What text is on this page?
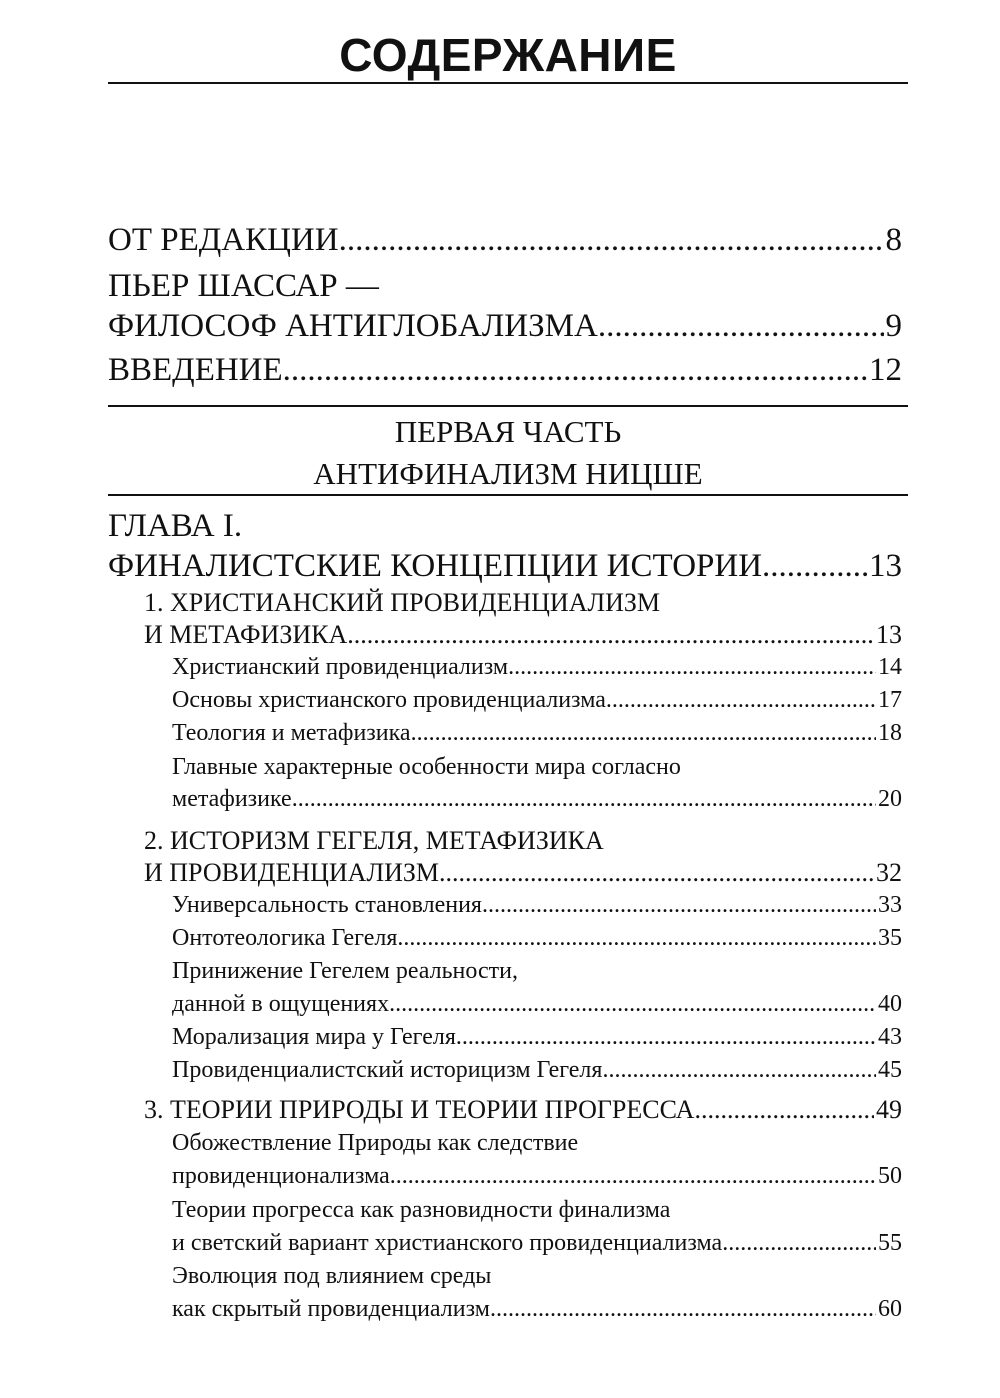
СОДЕРЖАНИЕ
ОТ РЕДАКЦИИ .....	8
ПЬЕР ШАССАР —
ФИЛОСОФ АНТИГЛОБАЛИЗМА .....	9
ВВЕДЕНИЕ .....	12
ПЕРВАЯ ЧАСТЬ
АНТИФИНАЛИЗМ НИЦШЕ
ГЛАВА I.
ФИНАЛИСТСКИЕ КОНЦЕПЦИИ ИСТОРИИ .....	13
1. ХРИСТИАНСКИЙ ПРОВИДЕНЦИАЛИЗМ
И МЕТАФИЗИКА .....	13
Христианский провиденциализм .....	14
Основы христианского провиденциализма .....	17
Теология и метафизика .....	18
Главные характерные особенности мира согласно
метафизике .....	20
2. ИСТОРИЗМ ГЕГЕЛЯ, МЕТАФИЗИКА
И ПРОВИДЕНЦИАЛИЗМ .....	32
Универсальность становления .....	33
Онтотеологика Гегеля .....	35
Принижение Гегелем реальности,
данной в ощущениях .....	40
Морализация мира у Гегеля .....	43
Провиденциалистский историцизм Гегеля .....	45
3. ТЕОРИИ ПРИРОДЫ И ТЕОРИИ ПРОГРЕССА .....	49
Обожествление Природы как следствие
провиденционализма .....	50
Теории прогресса как разновидности финализма
и светский вариант христианского провиденциализма .....	55
Эволюция под влиянием среды
как скрытый провиденциализм .....	60
